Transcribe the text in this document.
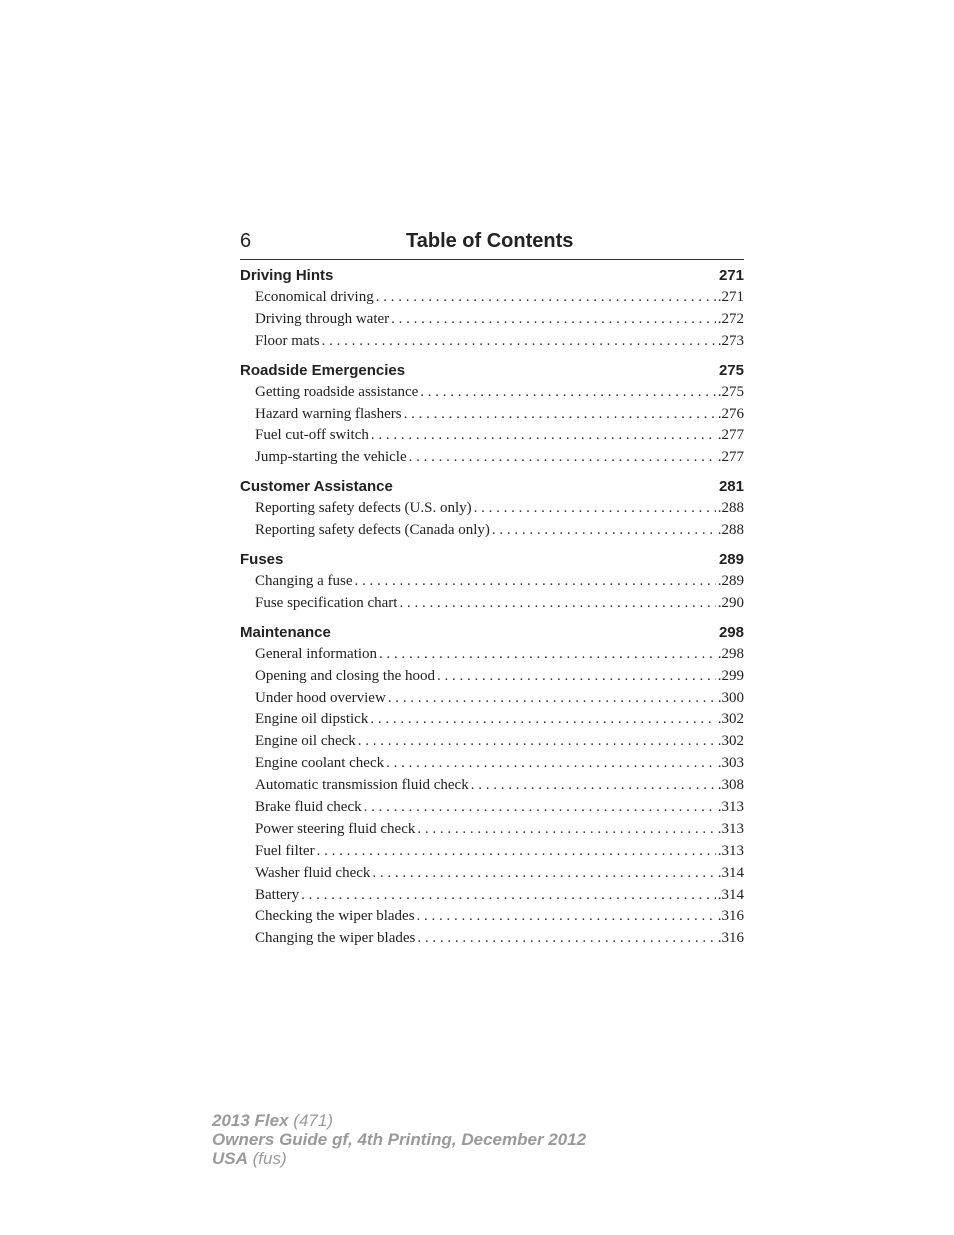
6	Table of Contents
Driving Hints	271
Economical driving . . .	.271
Driving through water . . .	.272
Floor mats . . .	.273
Roadside Emergencies	275
Getting roadside assistance . . .	.275
Hazard warning flashers . . .	.276
Fuel cut-off switch . . .	.277
Jump-starting the vehicle . . .	.277
Customer Assistance	281
Reporting safety defects (U.S. only) . . .	.288
Reporting safety defects (Canada only) . . .	.288
Fuses	289
Changing a fuse . . .	.289
Fuse specification chart . . .	.290
Maintenance	298
General information . . .	.298
Opening and closing the hood . . .	.299
Under hood overview . . .	.300
Engine oil dipstick . . .	.302
Engine oil check . . .	.302
Engine coolant check . . .	.303
Automatic transmission fluid check . . .	.308
Brake fluid check . . .	.313
Power steering fluid check . . .	.313
Fuel filter . . .	.313
Washer fluid check . . .	.314
Battery . . .	.314
Checking the wiper blades . . .	.316
Changing the wiper blades . . .	.316
2013 Flex (471)
Owners Guide gf, 4th Printing, December 2012
USA (fus)
